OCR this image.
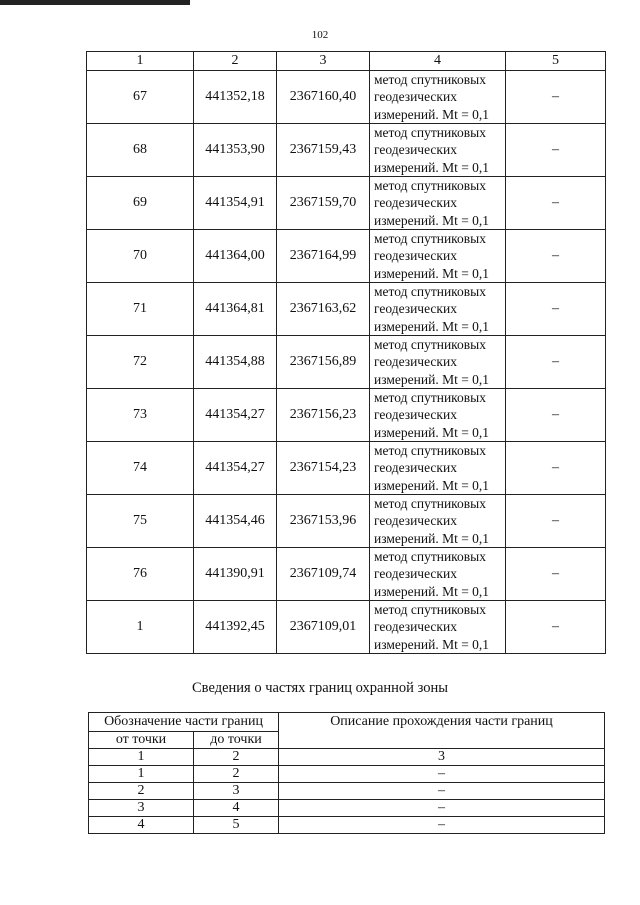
102
1	2	3	4	5
67	441352,18	2367160,40	метод спутниковых
геодезических
измерений. Mt = 0,1	–
68	441353,90	2367159,43	метод спутниковых
геодезических
измерений. Mt = 0,1	–
69	441354,91	2367159,70	метод спутниковых
геодезических
измерений. Mt = 0,1	–
70	441364,00	2367164,99	метод спутниковых
геодезических
измерений. Mt = 0,1	–
71	441364,81	2367163,62	метод спутниковых
геодезических
измерений. Mt = 0,1	–
72	441354,88	2367156,89	метод спутниковых
геодезических
измерений. Mt = 0,1	–
73	441354,27	2367156,23	метод спутниковых
геодезических
измерений. Mt = 0,1	–
74	441354,27	2367154,23	метод спутниковых
геодезических
измерений. Mt = 0,1	–
75	441354,46	2367153,96	метод спутниковых
геодезических
измерений. Mt = 0,1	–
76	441390,91	2367109,74	метод спутниковых
геодезических
измерений. Mt = 0,1	–
1	441392,45	2367109,01	метод спутниковых
геодезических
измерений. Mt = 0,1	–
Сведения о частях границ охранной зоны
Обозначение части границ		Описание прохождения части границ
от точки	до точки	
1	2	3
1	2	–
2	3	–
3	4	–
4	5	–
